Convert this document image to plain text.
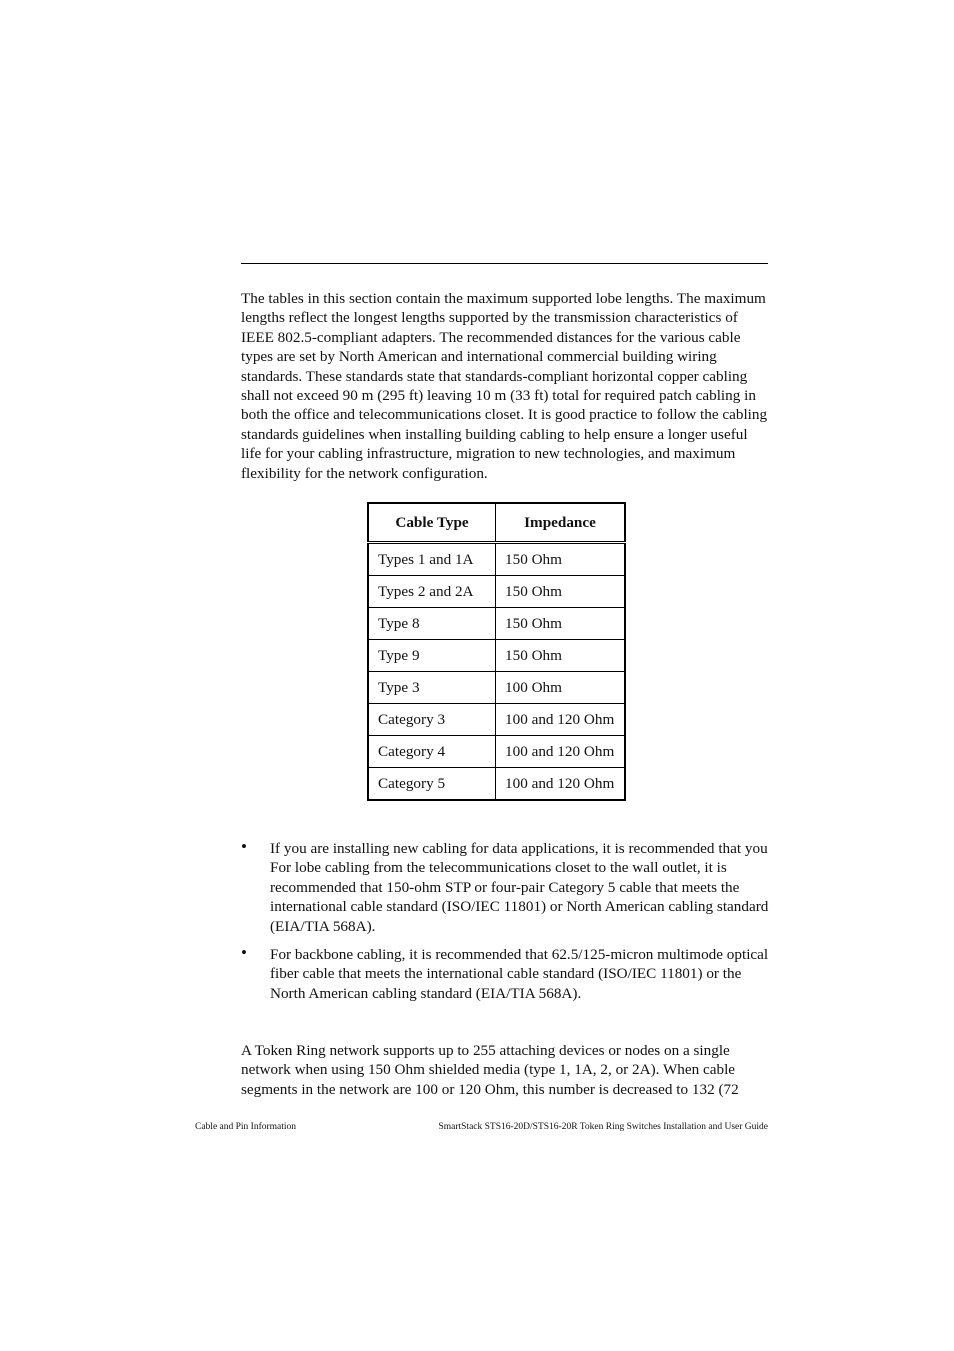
The tables in this section contain the maximum supported lobe lengths. The maximum lengths reflect the longest lengths supported by the transmission characteristics of IEEE 802.5-compliant adapters. The recommended distances for the various cable types are set by North American and international commercial building wiring standards. These standards state that standards-compliant horizontal copper cabling shall not exceed 90 m (295 ft) leaving 10 m (33 ft) total for required patch cabling in both the office and telecommunications closet. It is good practice to follow the cabling standards guidelines when installing building cabling to help ensure a longer useful life for your cabling infrastructure, migration to new technologies, and maximum flexibility for the network configuration.

Cable Type	Impedance
Types 1 and 1A	150 Ohm
Types 2 and 2A	150 Ohm
Type 8	150 Ohm
Type 9	150 Ohm
Type 3	100 Ohm
Category 3	100 and 120 Ohm
Category 4	100 and 120 Ohm
Category 5	100 and 120 Ohm
• If you are installing new cabling for data applications, it is recommended that you For lobe cabling from the telecommunications closet to the wall outlet, it is recommended that 150-ohm STP or four-pair Category 5 cable that meets the international cable standard (ISO/IEC 11801) or North American cabling standard (EIA/TIA 568A).
• For backbone cabling, it is recommended that 62.5/125-micron multimode optical fiber cable that meets the international cable standard (ISO/IEC 11801) or the North American cabling standard (EIA/TIA 568A).

A Token Ring network supports up to 255 attaching devices or nodes on a single network when using 150 Ohm shielded media (type 1, 1A, 2, or 2A). When cable segments in the network are 100 or 120 Ohm, this number is decreased to 132 (72

Cable and Pin Information	SmartStack STS16-20D/STS16-20R Token Ring Switches Installation and User Guide
